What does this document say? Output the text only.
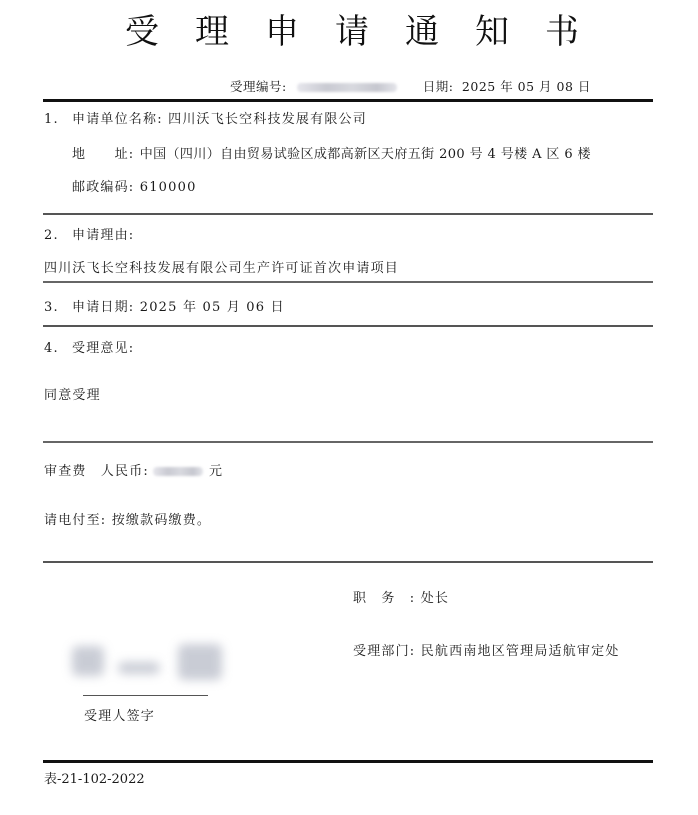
受	理	申	请	通	知	书
受理编号:	日期: 2025 年 05 月 08 日
1. 申请单位名称: 四川沃飞长空科技发展有限公司
地　　址: 中国（四川）自由贸易试验区成都高新区天府五街 200 号 4 号楼 A 区 6 楼
邮政编码: 610000
2. 申请理由:
四川沃飞长空科技发展有限公司生产许可证首次申请项目
3. 申请日期: 2025 年 05 月 06 日
4. 受理意见:
同意受理
审查费　人民币:	元
请电付至: 按缴款码缴费。
职　务　: 处长
受理部门: 民航西南地区管理局适航审定处
受理人签字
表-21-102-2022
